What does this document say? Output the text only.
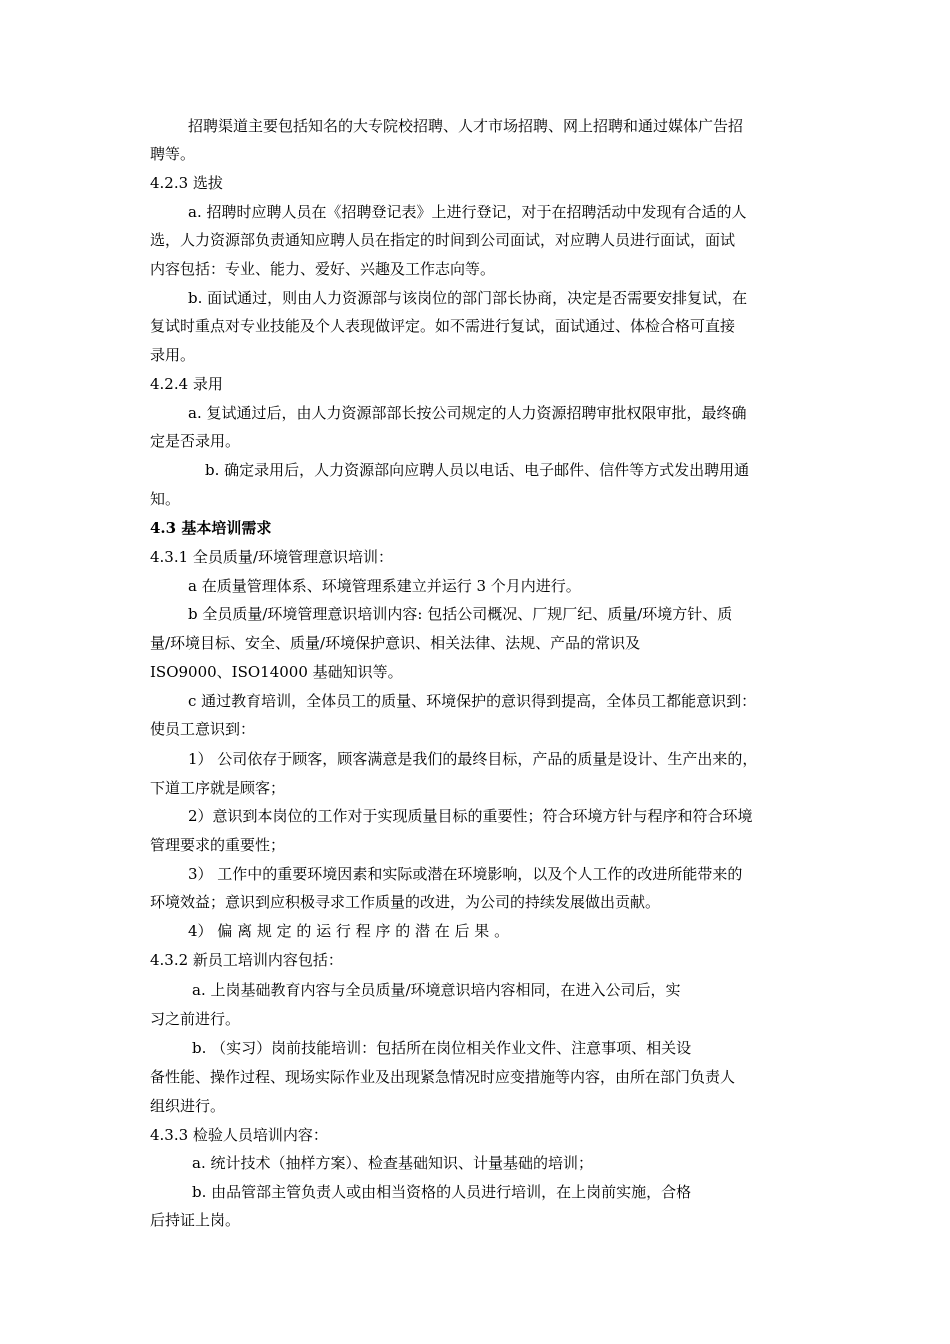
招聘渠道主要包括知名的大专院校招聘、人才市场招聘、网上招聘和通过媒体广告招
聘等。
4.2.3 选拔
a. 招聘时应聘人员在《招聘登记表》上进行登记，对于在招聘活动中发现有合适的人
选，人力资源部负责通知应聘人员在指定的时间到公司面试，对应聘人员进行面试，面试
内容包括：专业、能力、爱好、兴趣及工作志向等。
b. 面试通过，则由人力资源部与该岗位的部门部长协商，决定是否需要安排复试，在
复试时重点对专业技能及个人表现做评定。如不需进行复试，面试通过、体检合格可直接
录用。
4.2.4 录用
a. 复试通过后，由人力资源部部长按公司规定的人力资源招聘审批权限审批，最终确
定是否录用。
b. 确定录用后，人力资源部向应聘人员以电话、电子邮件、信件等方式发出聘用通
知。
4.3 基本培训需求
4.3.1 全员质量/环境管理意识培训：
a 在质量管理体系、环境管理系建立并运行 3 个月内进行。
b 全员质量/环境管理意识培训内容: 包括公司概况、厂规厂纪、质量/环境方针、质
量/环境目标、安全、质量/环境保护意识、相关法律、法规、产品的常识及
ISO9000、ISO14000 基础知识等。
c 通过教育培训，全体员工的质量、环境保护的意识得到提高，全体员工都能意识到：
使员工意识到：
1） 公司依存于顾客，顾客满意是我们的最终目标，产品的质量是设计、生产出来的，
下道工序就是顾客；
2）意识到本岗位的工作对于实现质量目标的重要性；符合环境方针与程序和符合环境
管理要求的重要性；
3） 工作中的重要环境因素和实际或潜在环境影响，以及个人工作的改进所能带来的
环境效益；意识到应积极寻求工作质量的改进，为公司的持续发展做出贡献。
4） 偏 离 规 定 的 运 行 程 序 的 潜 在 后 果 。
4.3.2 新员工培训内容包括：
a. 上岗基础教育内容与全员质量/环境意识培内容相同，在进入公司后，实
习之前进行。
b. （实习）岗前技能培训：包括所在岗位相关作业文件、注意事项、相关设
备性能、操作过程、现场实际作业及出现紧急情况时应变措施等内容，由所在部门负责人
组织进行。
4.3.3 检验人员培训内容：
a. 统计技术（抽样方案）、检查基础知识、计量基础的培训；
b. 由品管部主管负责人或由相当资格的人员进行培训，在上岗前实施，合格
后持证上岗。
